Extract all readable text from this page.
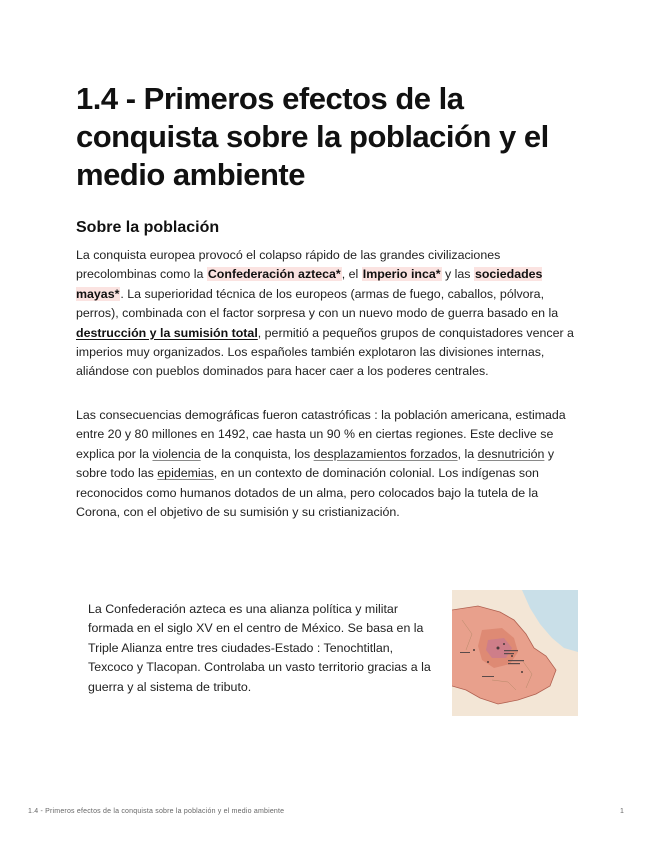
1.4 - Primeros efectos de la conquista sobre la población y el medio ambiente
Sobre la población

La conquista europea provocó el colapso rápido de las grandes civilizaciones precolombinas como la Confederación azteca*, el Imperio inca* y las sociedades mayas*. La superioridad técnica de los europeos (armas de fuego, caballos, pólvora, perros), combinada con el factor sorpresa y con un nuevo modo de guerra basado en la destrucción y la sumisión total, permitió a pequeños grupos de conquistadores vencer a imperios muy organizados. Los españoles también explotaron las divisiones internas, aliándose con pueblos dominados para hacer caer a los poderes centrales.

Las consecuencias demográficas fueron catastróficas : la población americana, estimada entre 20 y 80 millones en 1492, cae hasta un 90 % en ciertas regiones. Este declive se explica por la violencia de la conquista, los desplazamientos forzados, la desnutrición y sobre todo las epidemias, en un contexto de dominación colonial. Los indígenas son reconocidos como humanos dotados de un alma, pero colocados bajo la tutela de la Corona, con el objetivo de su sumisión y su cristianización.

La Confederación azteca es una alianza política y militar formada en el siglo XV en el centro de México. Se basa en la Triple Alianza entre tres ciudades-Estado : Tenochtitlan, Texcoco y Tlacopan. Controlaba un vasto territorio gracias a la guerra y al sistema de tributo.

1.4 - Primeros efectos de la conquista sobre la población y el medio ambiente	1
